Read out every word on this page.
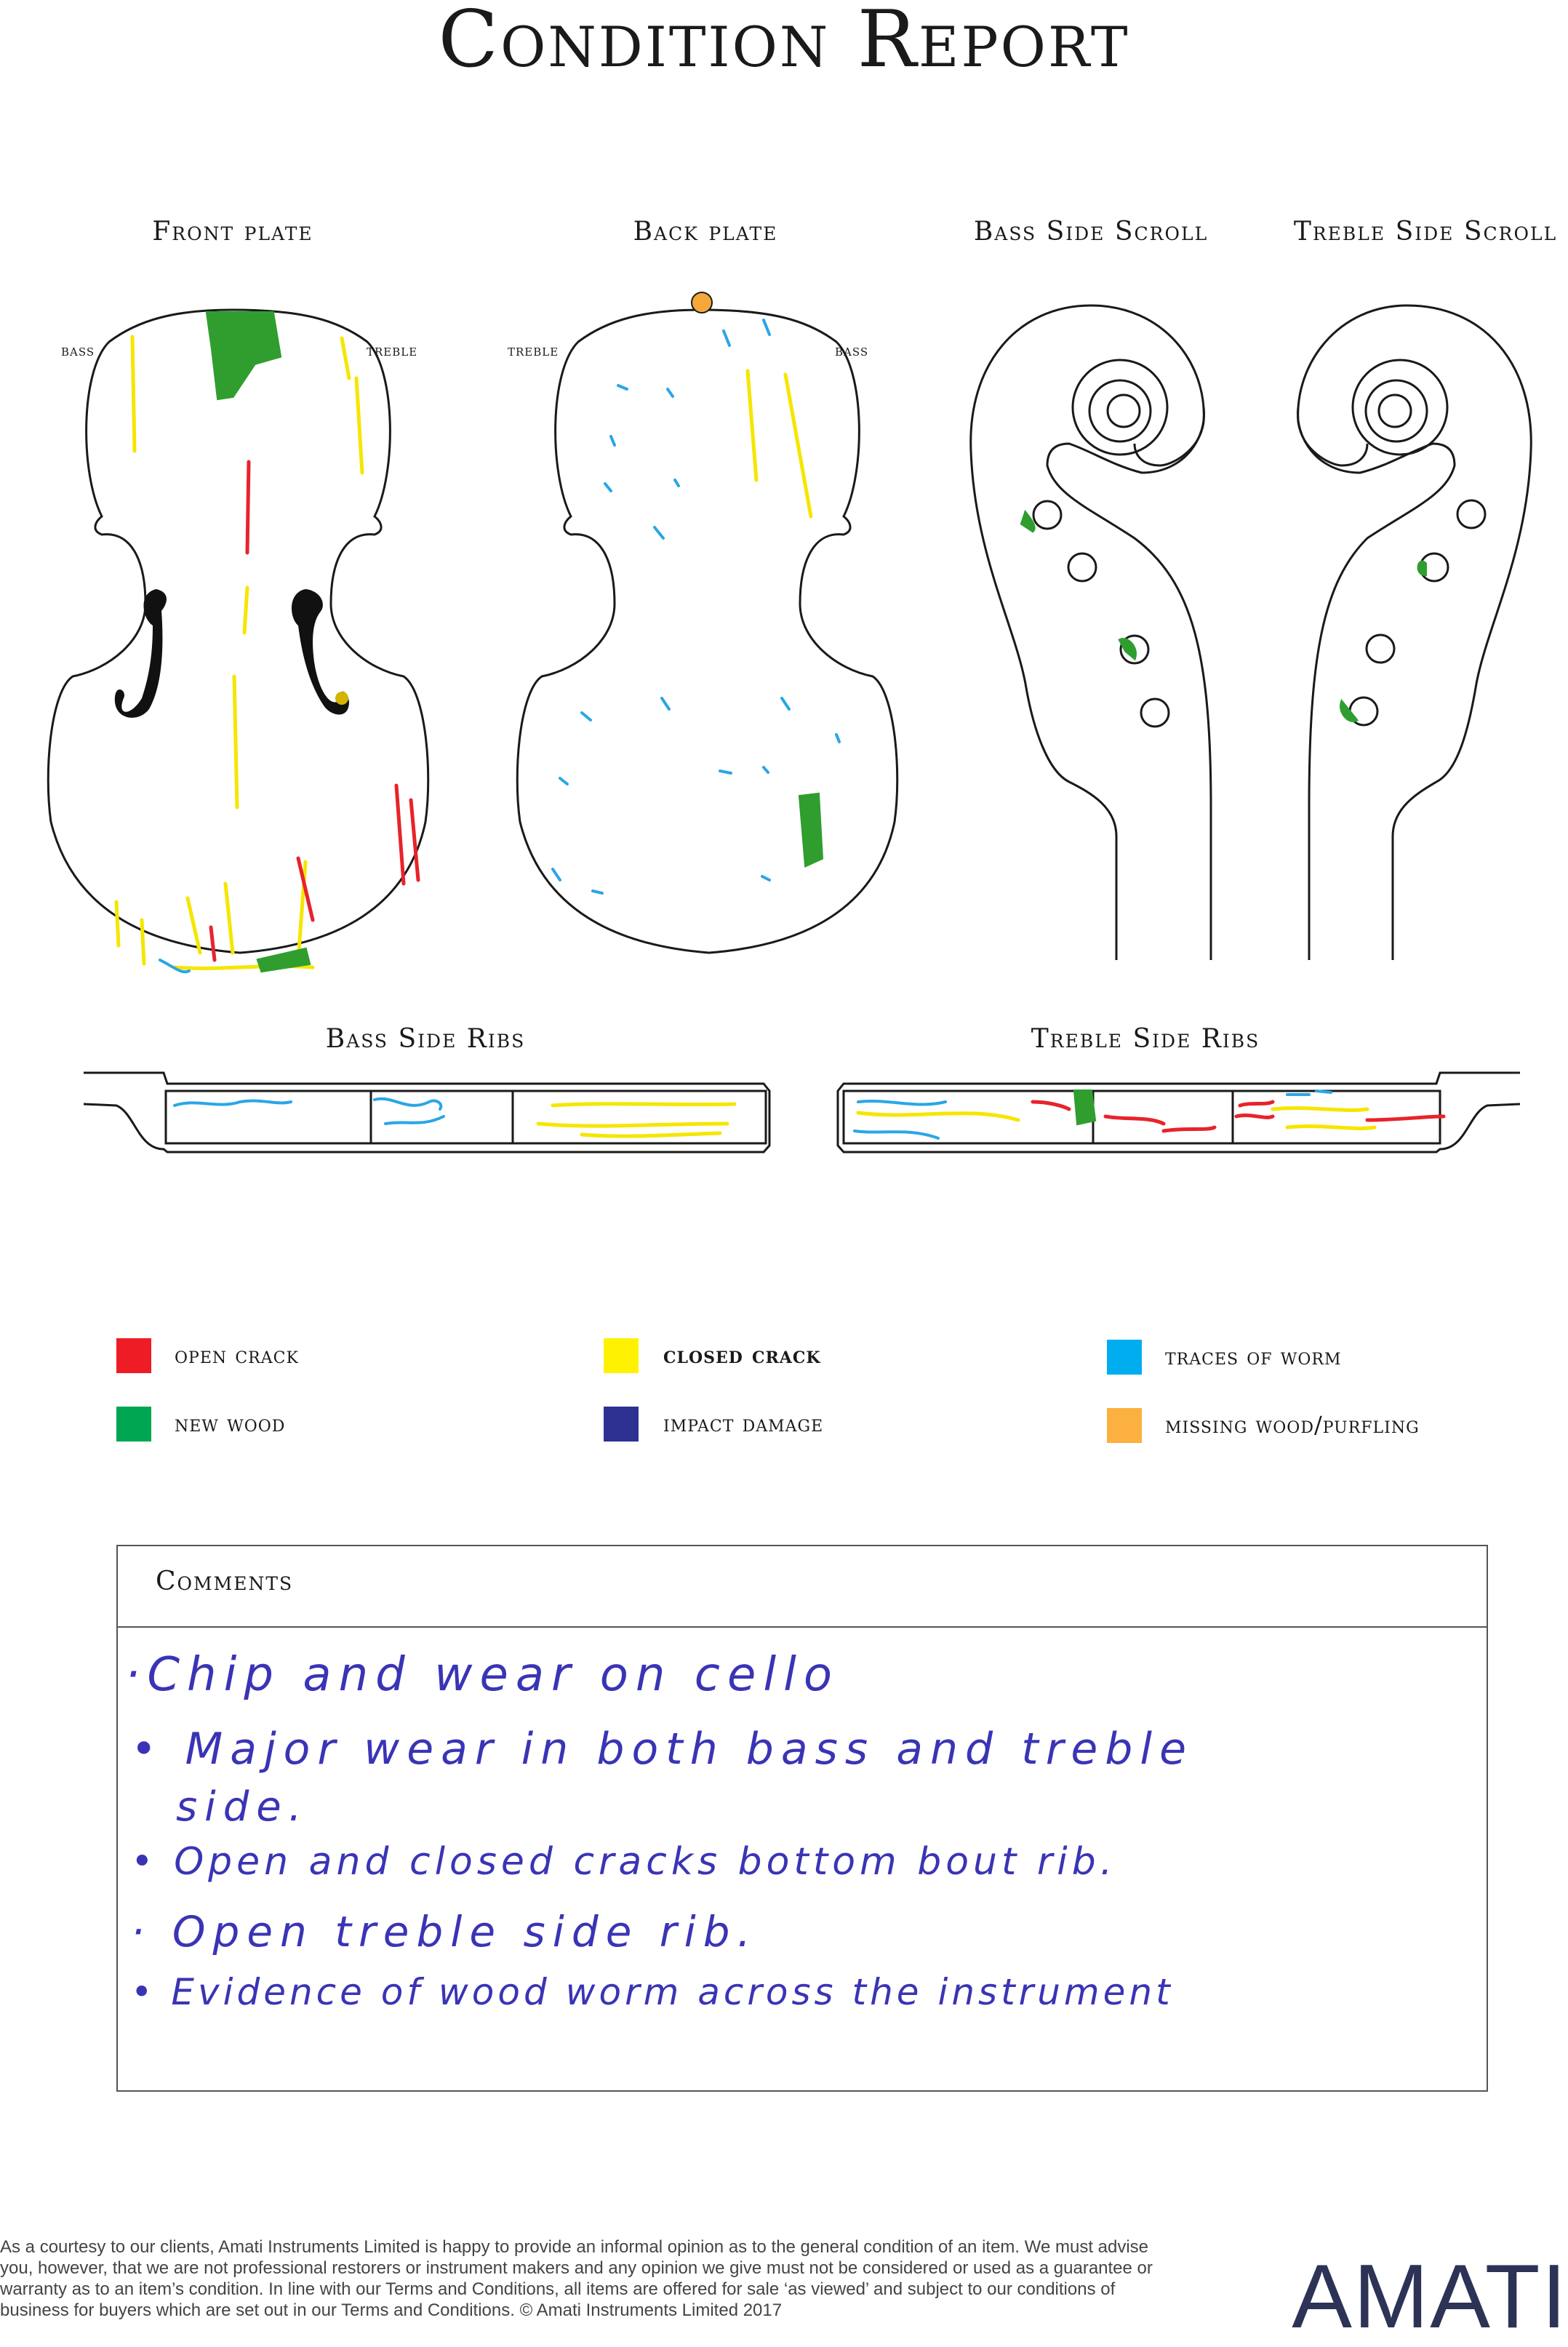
Condition Report
Front plate	Back plate	Bass Side Scroll	Treble Side Scroll
Bass Side Ribs	Treble Side Ribs
bass	treble	treble	bass
open crack	closed crack	traces of worm
new wood	impact damage	missing wood/purfling
Comments
·Chip and wear on cello
• Major wear in both bass and treble
side.
• Open and closed cracks bottom bout rib.
· Open treble side rib.
• Evidence of wood worm across the instrument
As a courtesy to our clients, Amati Instruments Limited is happy to provide an informal opinion as to the general condition of an item. We must advise you, however, that we are not professional restorers or instrument makers and any opinion we give must not be considered or used as a guarantee or warranty as to an item’s condition. In line with our Terms and Conditions, all items are offered for sale ‘as viewed’ and subject to our conditions of business for buyers which are set out in our Terms and Conditions. © Amati Instruments Limited 2017	AMATI
